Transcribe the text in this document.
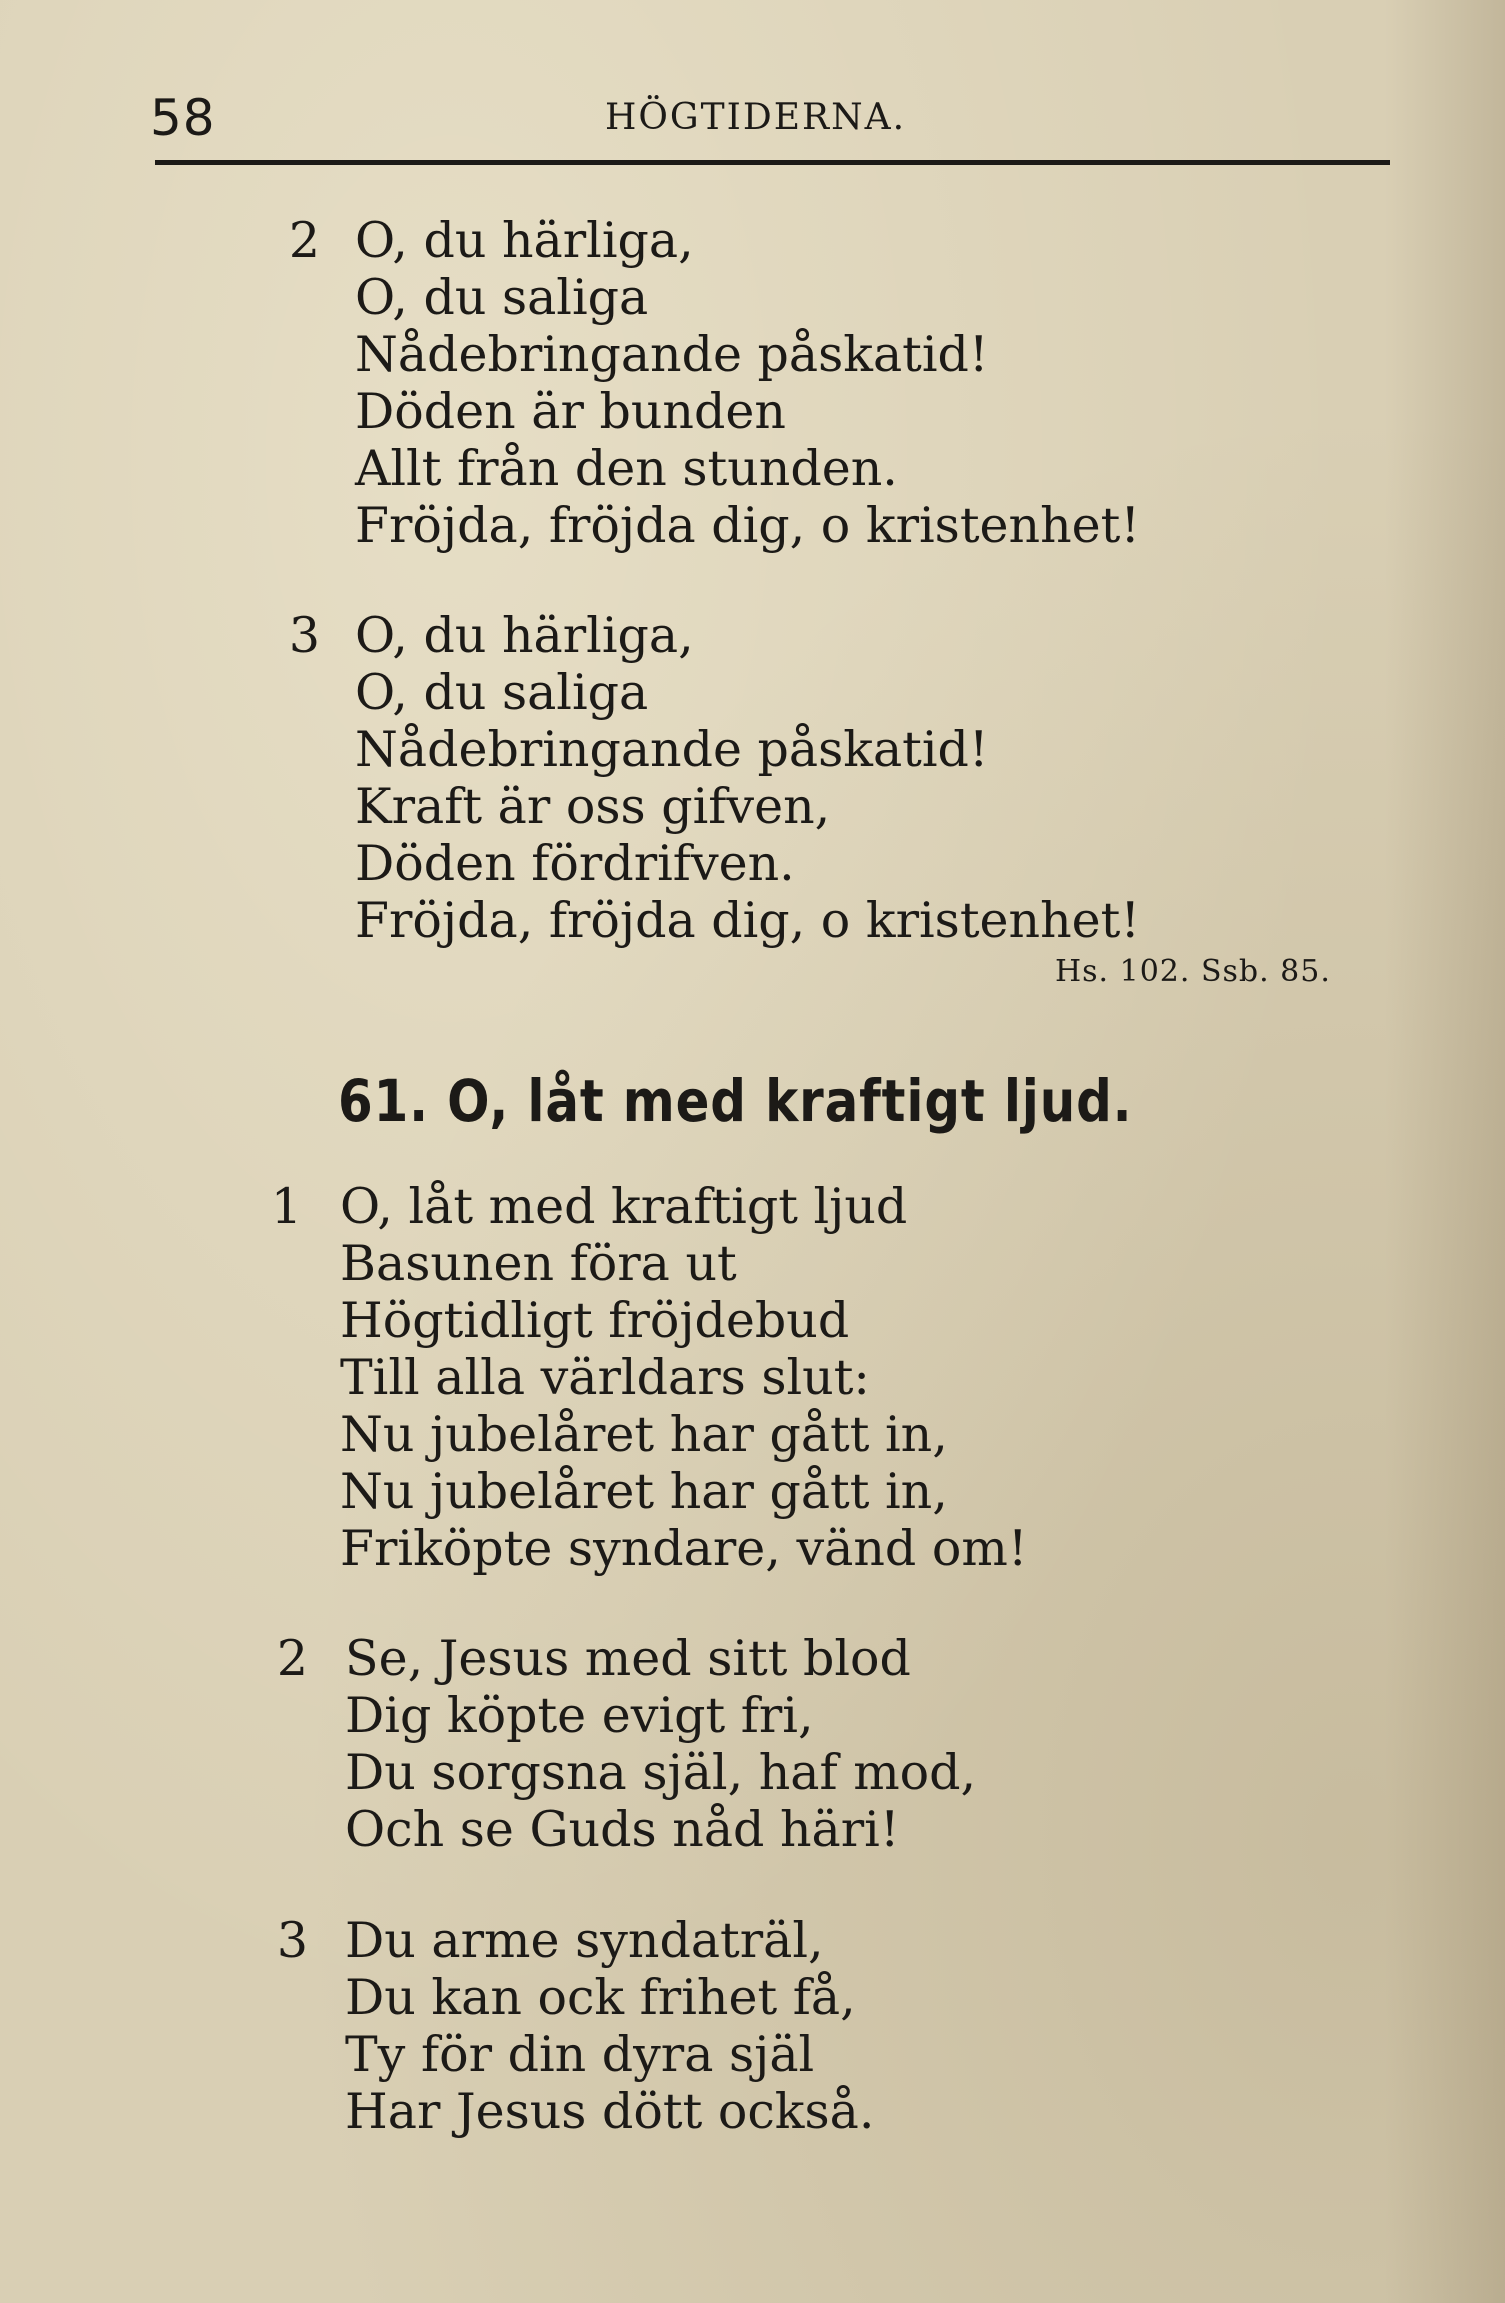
58	HÖGTIDERNA.
2 O, du härliga,
O, du saliga
Nådebringande påskatid!
Döden är bunden
Allt från den stunden.
Fröjda, fröjda dig, o kristenhet!
3 O, du härliga,
O, du saliga
Nådebringande påskatid!
Kraft är oss gifven,
Döden fördrifven.
Fröjda, fröjda dig, o kristenhet!
Hs. 102. Ssb. 85.
61. O, låt med kraftigt ljud.
1 O, låt med kraftigt ljud
Basunen föra ut
Högtidligt fröjdebud
Till alla världars slut:
Nu jubelåret har gått in,
Nu jubelåret har gått in,
Friköpte syndare, vänd om!
2 Se, Jesus med sitt blod
Dig köpte evigt fri,
Du sorgsna själ, haf mod,
Och se Guds nåd häri!
3 Du arme syndaträl,
Du kan ock frihet få,
Ty för din dyra själ
Har Jesus dött också.
